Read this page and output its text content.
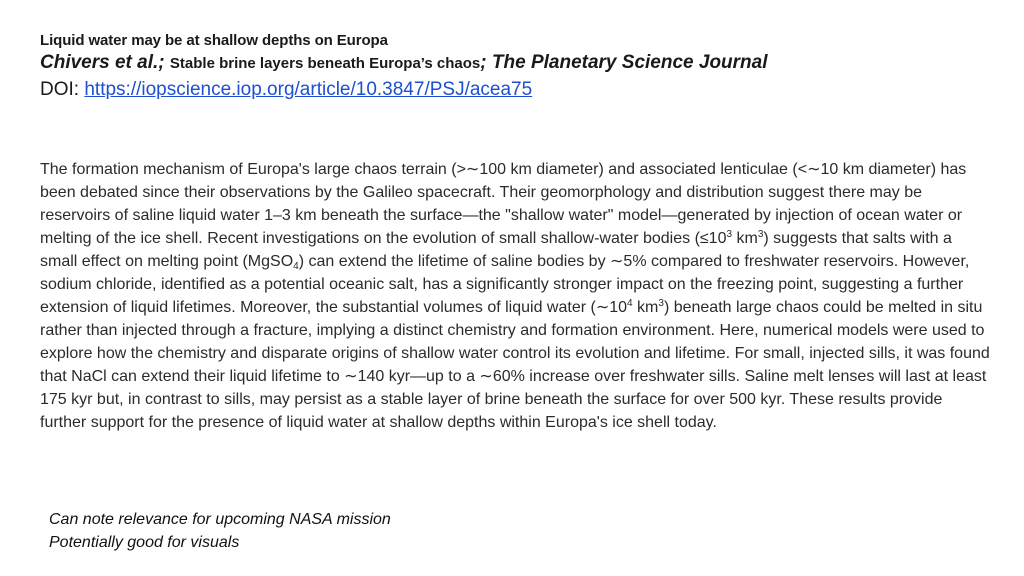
Liquid water may be at shallow depths on Europa
Chivers et al.; Stable brine layers beneath Europa’s chaos; The Planetary Science Journal
DOI: https://iopscience.iop.org/article/10.3847/PSJ/acea75
The formation mechanism of Europa's large chaos terrain (>∼100 km diameter) and associated lenticulae (<∼10 km diameter) has been debated since their observations by the Galileo spacecraft. Their geomorphology and distribution suggest there may be reservoirs of saline liquid water 1–3 km beneath the surface—the "shallow water" model—generated by injection of ocean water or melting of the ice shell. Recent investigations on the evolution of small shallow-water bodies ($\le 10^3$ $km^3$) suggests that salts with a small effect on melting point (MgSO$_4$) can extend the lifetime of saline bodies by ∼5% compared to freshwater reservoirs. However, sodium chloride, identified as a potential oceanic salt, has a significantly stronger impact on the freezing point, suggesting a further extension of liquid lifetimes. Moreover, the substantial volumes of liquid water ($\sim 10^4$ $km^3$) beneath large chaos could be melted in situ rather than injected through a fracture, implying a distinct chemistry and formation environment. Here, numerical models were used to explore how the chemistry and disparate origins of shallow water control its evolution and lifetime. For small, injected sills, it was found that NaCl can extend their liquid lifetime to ∼140 kyr—up to a ∼60% increase over freshwater sills. Saline melt lenses will last at least 175 kyr but, in contrast to sills, may persist as a stable layer of brine beneath the surface for over 500 kyr. These results provide further support for the presence of liquid water at shallow depths within Europa's ice shell today.
Can note relevance for upcoming NASA mission
Potentially good for visuals
